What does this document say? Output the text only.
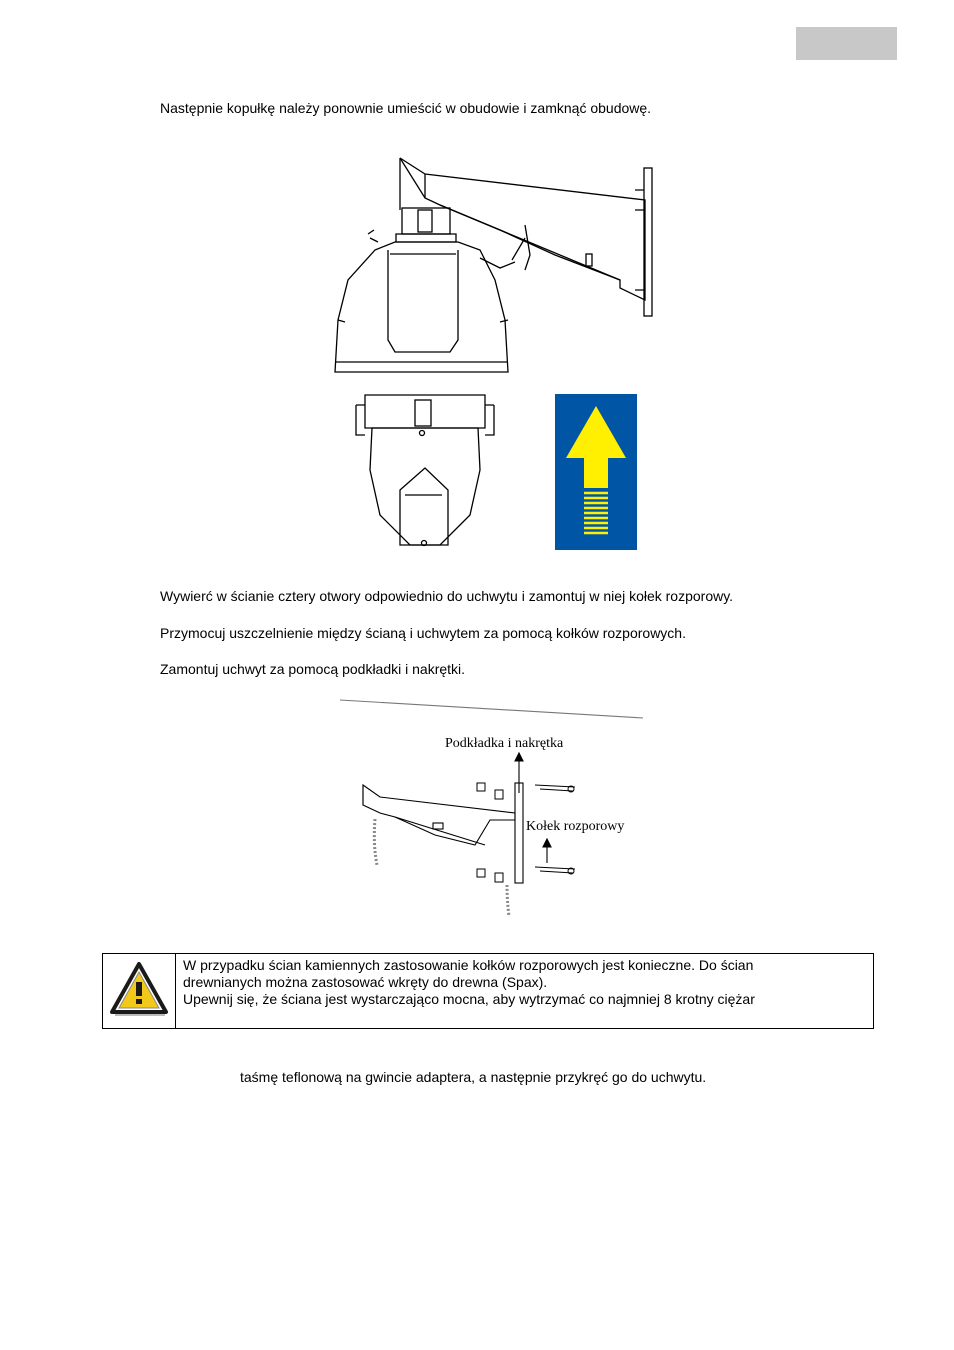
Następnie kopułkę należy ponownie umieścić w obudowie i zamknąć obudowę.
Wywierć w ścianie cztery otwory odpowiednio do uchwytu i zamontuj w niej kołek rozporowy.
Przymocuj uszczelnienie między ścianą i uchwytem za pomocą kołków rozporowych.
Zamontuj uchwyt za pomocą podkładki i nakrętki.
Podkładka i nakrętka
Kołek rozporowy
W przypadku ścian kamiennych zastosowanie kołków rozporowych jest konieczne. Do ścian
drewnianych można zastosować wkręty do drewna (Spax).
Upewnij się, że ściana jest wystarczająco mocna, aby wytrzymać co najmniej 8 krotny ciężar
taśmę teflonową na gwincie adaptera, a następnie przykręć go do uchwytu.
